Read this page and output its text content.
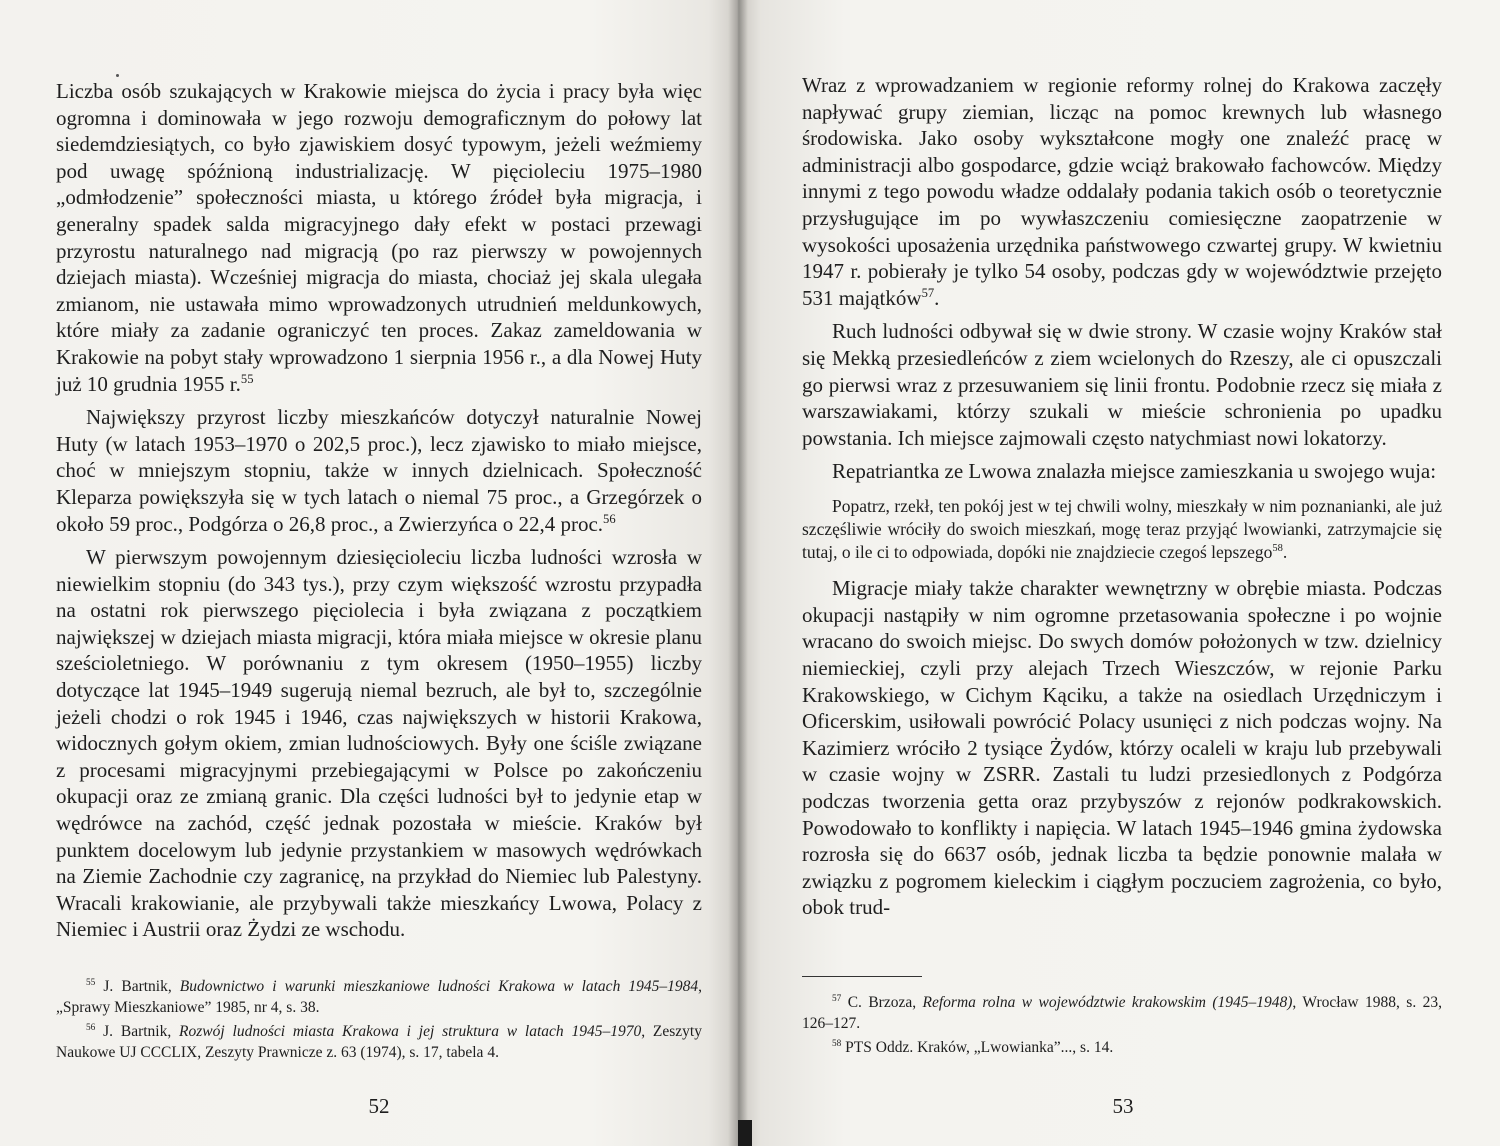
Liczba osób szukających w Krakowie miejsca do życia i pracy była więc ogromna i dominowała w jego rozwoju demograficznym do połowy lat siedemdziesiątych, co było zjawiskiem dosyć typowym, jeżeli weźmiemy pod uwagę spóźnioną industrializację. W pięcioleciu 1975–1980 „odmłodzenie” społeczności miasta, u którego źródeł była migracja, i generalny spadek salda migracyjnego dały efekt w postaci przewagi przyrostu naturalnego nad migracją (po raz pierwszy w powojennych dziejach miasta). Wcześniej migracja do miasta, chociaż jej skala ulegała zmianom, nie ustawała mimo wprowadzonych utrudnień meldunkowych, które miały za zadanie ograniczyć ten proces. Zakaz zameldowania w Krakowie na pobyt stały wprowadzono 1 sierpnia 1956 r., a dla Nowej Huty już 10 grudnia 1955 r.$^{55}$

Największy przyrost liczby mieszkańców dotyczył naturalnie Nowej Huty (w latach 1953–1970 o 202,5 proc.), lecz zjawisko to miało miejsce, choć w mniejszym stopniu, także w innych dzielnicach. Społeczność Kleparza powiększyła się w tych latach o niemal 75 proc., a Grzegórzek o około 59 proc., Podgórza o 26,8 proc., a Zwierzyńca o 22,4 proc.$^{56}$

W pierwszym powojennym dziesięcioleciu liczba ludności wzrosła w niewielkim stopniu (do 343 tys.), przy czym większość wzrostu przypadła na ostatni rok pierwszego pięciolecia i była związana z początkiem największej w dziejach miasta migracji, która miała miejsce w okresie planu sześcioletniego. W porównaniu z tym okresem (1950–1955) liczby dotyczące lat 1945–1949 sugerują niemal bezruch, ale był to, szczególnie jeżeli chodzi o rok 1945 i 1946, czas największych w historii Krakowa, widocznych gołym okiem, zmian ludnościowych. Były one ściśle związane z procesami migracyjnymi przebiegającymi w Polsce po zakończeniu okupacji oraz ze zmianą granic. Dla części ludności był to jedynie etap w wędrówce na zachód, część jednak pozostała w mieście. Kraków był punktem docelowym lub jedynie przystankiem w masowych wędrówkach na Ziemie Zachodnie czy zagranicę, na przykład do Niemiec lub Palestyny. Wracali krakowianie, ale przybywali także mieszkańcy Lwowa, Polacy z Niemiec i Austrii oraz Żydzi ze wschodu.

$^{55}$ J. Bartnik, Budownictwo i warunki mieszkaniowe ludności Krakowa w latach 1945–1984, „Sprawy Mieszkaniowe” 1985, nr 4, s. 38.

$^{56}$ J. Bartnik, Rozwój ludności miasta Krakowa i jej struktura w latach 1945–1970, Zeszyty Naukowe UJ CCCLIX, Zeszyty Prawnicze z. 63 (1974), s. 17, tabela 4.

52

Wraz z wprowadzaniem w regionie reformy rolnej do Krakowa zaczęły napływać grupy ziemian, licząc na pomoc krewnych lub własnego środowiska. Jako osoby wykształcone mogły one znaleźć pracę w administracji albo gospodarce, gdzie wciąż brakowało fachowców. Między innymi z tego powodu władze oddalały podania takich osób o teoretycznie przysługujące im po wywłaszczeniu comiesięczne zaopatrzenie w wysokości uposażenia urzędnika państwowego czwartej grupy. W kwietniu 1947 r. pobierały je tylko 54 osoby, podczas gdy w województwie przejęto 531 majątków$^{57}$.

Ruch ludności odbywał się w dwie strony. W czasie wojny Kraków stał się Mekką przesiedleńców z ziem wcielonych do Rzeszy, ale ci opuszczali go pierwsi wraz z przesuwaniem się linii frontu. Podobnie rzecz się miała z warszawiakami, którzy szukali w mieście schronienia po upadku powstania. Ich miejsce zajmowali często natychmiast nowi lokatorzy.

Repatriantka ze Lwowa znalazła miejsce zamieszkania u swojego wuja:

Popatrz, rzekł, ten pokój jest w tej chwili wolny, mieszkały w nim poznanianki, ale już szczęśliwie wróciły do swoich mieszkań, mogę teraz przyjąć lwowianki, zatrzymajcie się tutaj, o ile ci to odpowiada, dopóki nie znajdziecie czegoś lepszego$^{58}$.

Migracje miały także charakter wewnętrzny w obrębie miasta. Podczas okupacji nastąpiły w nim ogromne przetasowania społeczne i po wojnie wracano do swoich miejsc. Do swych domów położonych w tzw. dzielnicy niemieckiej, czyli przy alejach Trzech Wieszczów, w rejonie Parku Krakowskiego, w Cichym Kąciku, a także na osiedlach Urzędniczym i Oficerskim, usiłowali powrócić Polacy usunięci z nich podczas wojny. Na Kazimierz wróciło 2 tysiące Żydów, którzy ocaleli w kraju lub przebywali w czasie wojny w ZSRR. Zastali tu ludzi przesiedlonych z Podgórza podczas tworzenia getta oraz przybyszów z rejonów podkrakowskich. Powodowało to konflikty i napięcia. W latach 1945–1946 gmina żydowska rozrosła się do 6637 osób, jednak liczba ta będzie ponownie malała w związku z pogromem kieleckim i ciągłym poczuciem zagrożenia, co było, obok trud-

$^{57}$ C. Brzoza, Reforma rolna w województwie krakowskim (1945–1948), Wrocław 1988, s. 23, 126–127.

$^{58}$ PTS Oddz. Kraków, „Lwowianka”..., s. 14.

53
